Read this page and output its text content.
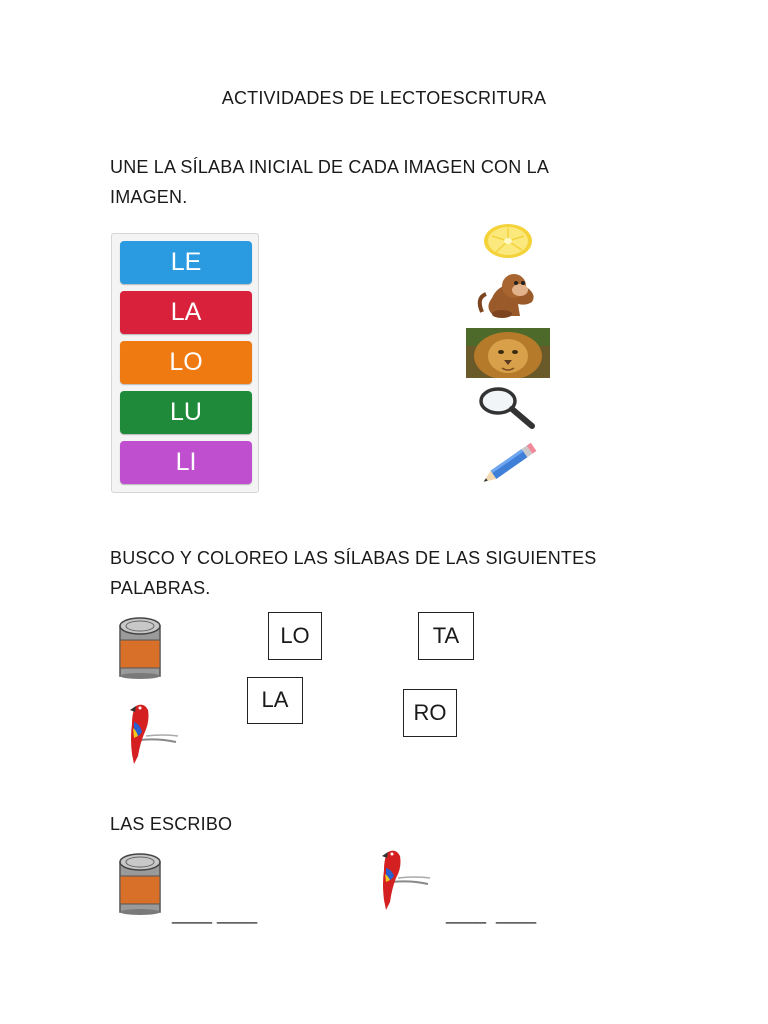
ACTIVIDADES DE LECTOESCRITURA
UNE LA SÍLABA INICIAL DE CADA IMAGEN CON LA IMAGEN.
LE
LA
LO
LU
LI
BUSCO Y COLOREO LAS SÍLABAS DE LAS SIGUIENTES PALABRAS.
LO	TA
LA
RO
LAS ESCRIBO
____ ____	____  ____
